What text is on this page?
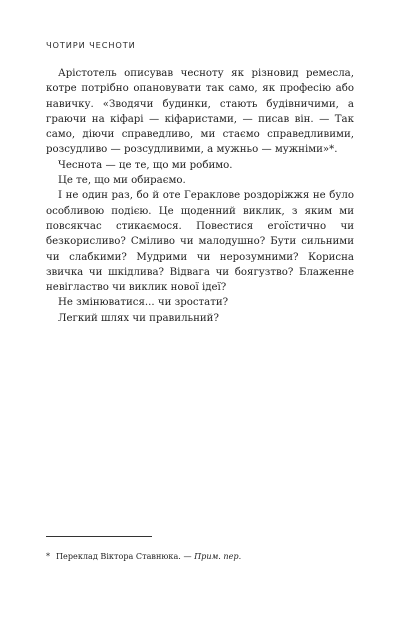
ЧОТИРИ ЧЕСНОТИ

Арістотель описував чесноту як різновид ремесла, котре потрібно опановувати так само, як професію або навичку. «Зводячи будинки, стають будівничими, а граючи на кіфарі — кіфаристами, — писав він. — Так само, діючи справедливо, ми стаємо справедливими, розсудливо — розсудливими, а мужньо — мужніми»*.

Чеснота — це те, що ми робимо.

Це те, що ми обираємо.

І не один раз, бо й оте Гераклове роздоріжжя не було особливою подією. Це щоденний виклик, з яким ми повсякчас стикаємося. Повестися егоїстично чи безкорисливо? Сміливо чи малодушно? Бути сильними чи слабкими? Мудрими чи нерозумними? Корисна звичка чи шкідлива? Відвага чи боягузтво? Блаженне невігластво чи виклик нової ідеї?

Не змінюватися... чи зростати?

Легкий шлях чи правильний?

* Переклад Віктора Ставнюка. — Прим. пер.
